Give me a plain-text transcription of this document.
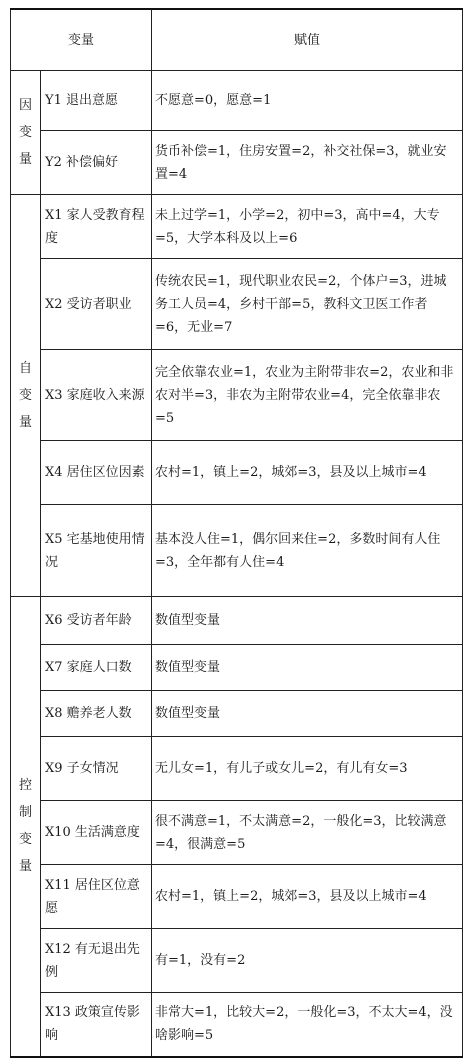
变量		赋值

因
变
量	Y1 退出意愿	不愿意=0，愿意=1
	Y2 补偿偏好	货币补偿=1，住房安置=2，补交社保=3，就业安置=4

自
变
量	X1 家人受教育程度	未上过学=1，小学=2，初中=3，高中=4，大专=5，大学本科及以上=6
	X2 受访者职业	传统农民=1，现代职业农民=2，个体户=3，进城务工人员=4，乡村干部=5，教科文卫医工作者=6，无业=7
	X3 家庭收入来源	完全依靠农业=1，农业为主附带非农=2，农业和非农对半=3，非农为主附带农业=4，完全依靠非农=5
	X4 居住区位因素	农村=1，镇上=2，城郊=3，县及以上城市=4
	X5 宅基地使用情况	基本没人住=1，偶尔回来住=2，多数时间有人住=3，全年都有人住=4

控
制
变
量	X6 受访者年龄	数值型变量
	X7 家庭人口数	数值型变量
	X8 赡养老人数	数值型变量
	X9 子女情况	无儿女=1，有儿子或女儿=2，有儿有女=3
	X10 生活满意度	很不满意=1，不太满意=2，一般化=3，比较满意=4，很满意=5
	X11 居住区位意愿	农村=1，镇上=2，城郊=3，县及以上城市=4
	X12 有无退出先例	有=1，没有=2
	X13 政策宣传影响	非常大=1，比较大=2，一般化=3，不太大=4，没啥影响=5
